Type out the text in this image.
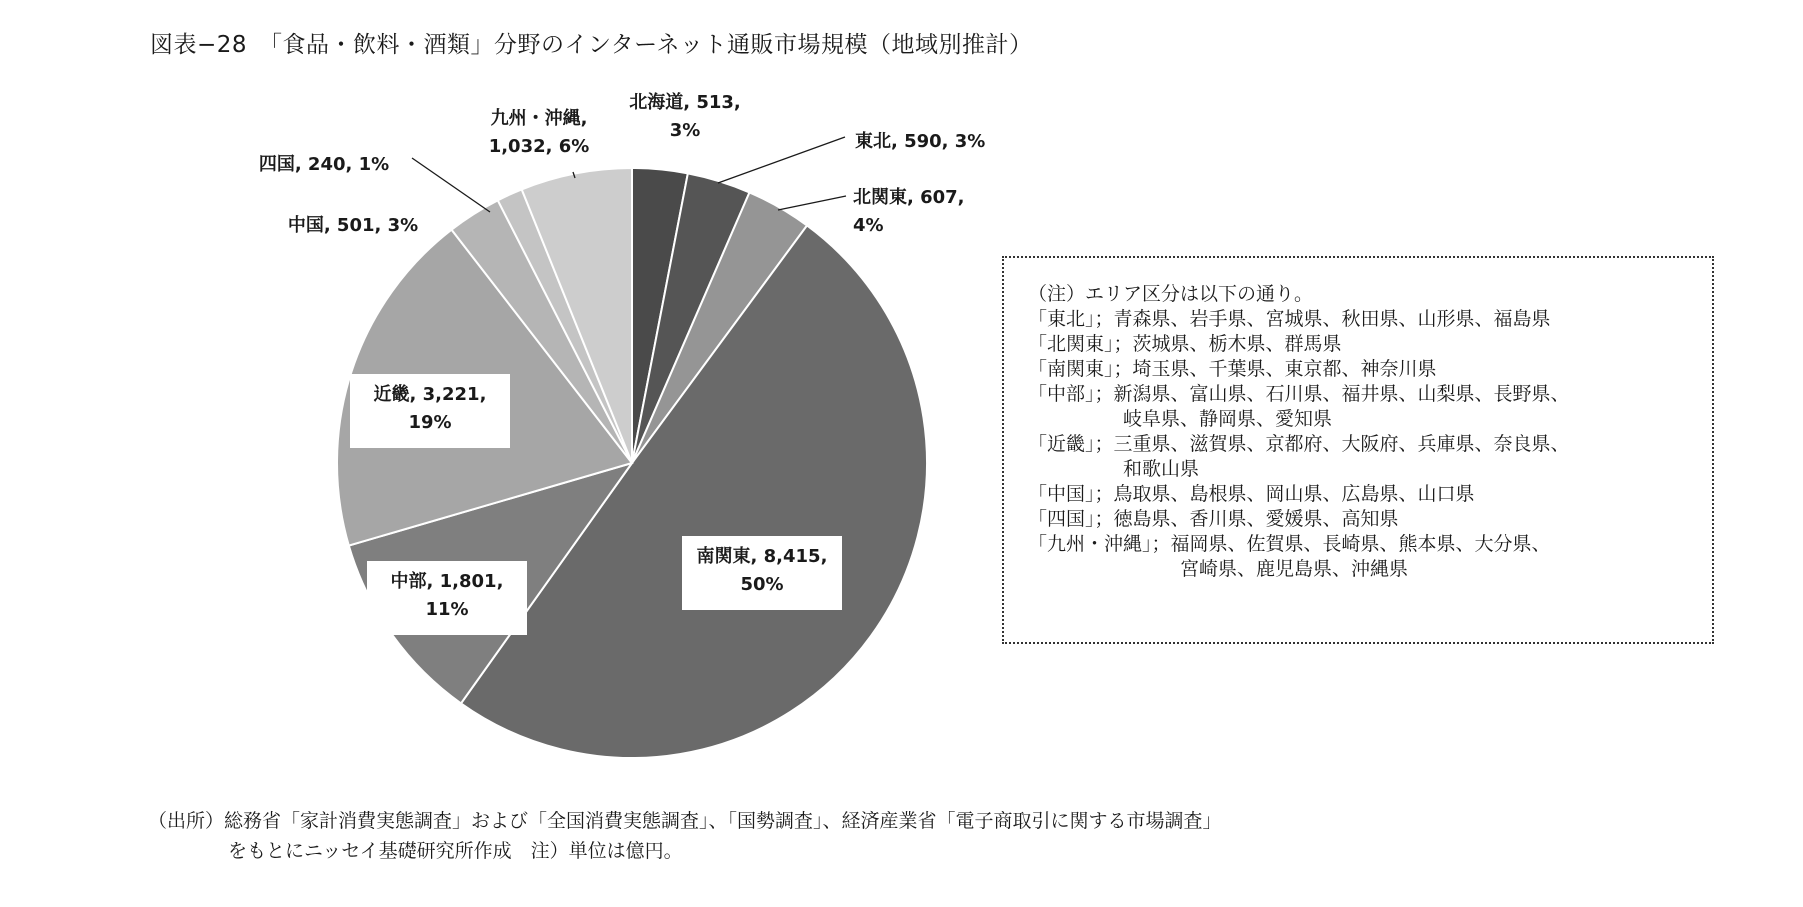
図表−28　「食品・飲料・酒類」分野のインターネット通販市場規模（地域別推計）
北海道, 513,
3%
東北, 590, 3%
北関東, 607,
4%
南関東, 8,415,
50%
中部, 1,801,
11%
近畿, 3,221,
19%
中国, 501, 3%
四国, 240, 1%
九州・沖縄,
1,032, 6%
（注）エリア区分は以下の通り。
「東北」；青森県、岩手県、宮城県、秋田県、山形県、福島県
「北関東」；茨城県、栃木県、群馬県
「南関東」；埼玉県、千葉県、東京都、神奈川県
「中部」；新潟県、富山県、石川県、福井県、山梨県、長野県、
岐阜県、静岡県、愛知県
「近畿」；三重県、滋賀県、京都府、大阪府、兵庫県、奈良県、
和歌山県
「中国」；鳥取県、島根県、岡山県、広島県、山口県
「四国」；徳島県、香川県、愛媛県、高知県
「九州・沖縄」；福岡県、佐賀県、長崎県、熊本県、大分県、
宮崎県、鹿児島県、沖縄県
（出所）総務省「家計消費実態調査」および「全国消費実態調査」、「国勢調査」、経済産業省「電子商取引に関する市場調査」
をもとにニッセイ基礎研究所作成　注）単位は億円。
